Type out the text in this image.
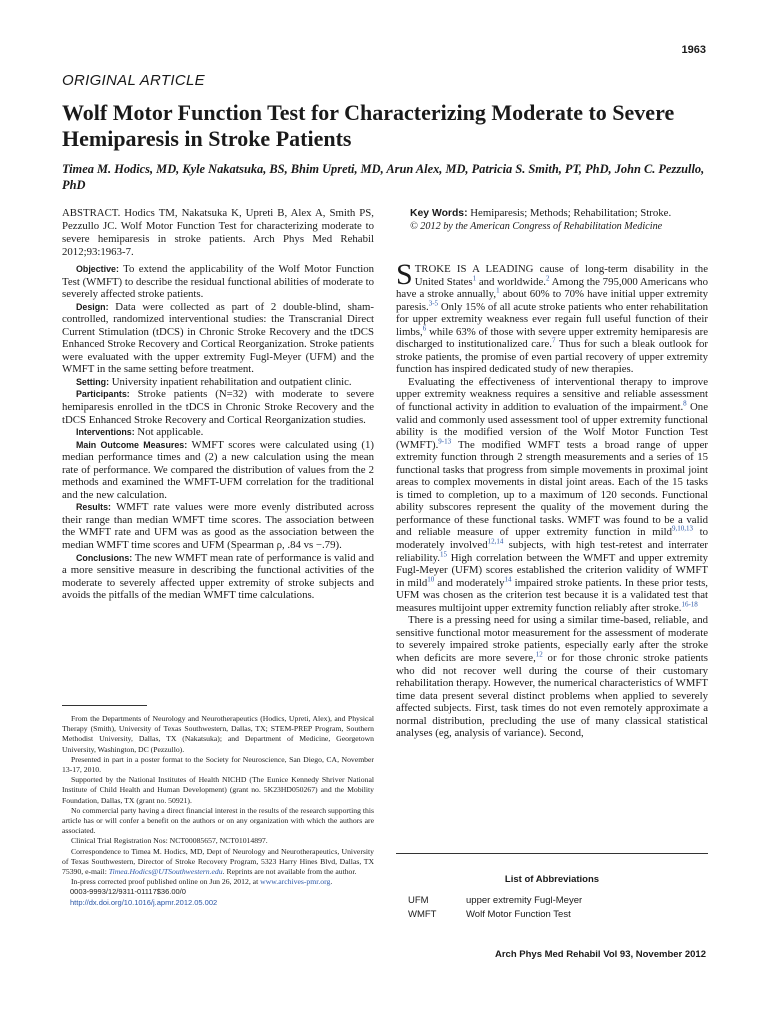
1963
ORIGINAL ARTICLE
Wolf Motor Function Test for Characterizing Moderate to Severe Hemiparesis in Stroke Patients
Timea M. Hodics, MD, Kyle Nakatsuka, BS, Bhim Upreti, MD, Arun Alex, MD, Patricia S. Smith, PT, PhD, John C. Pezzullo, PhD
ABSTRACT. Hodics TM, Nakatsuka K, Upreti B, Alex A, Smith PS, Pezzullo JC. Wolf Motor Function Test for characterizing moderate to severe hemiparesis in stroke patients. Arch Phys Med Rehabil 2012;93:1963-7.
Key Words: Hemiparesis; Methods; Rehabilitation; Stroke.
© 2012 by the American Congress of Rehabilitation Medicine

Objective: To extend the applicability of the Wolf Motor Function Test (WMFT) to describe the residual functional abilities of moderate to severely affected stroke patients.

Design: Data were collected as part of 2 double-blind, sham-controlled, randomized interventional studies: the Transcranial Direct Current Stimulation (tDCS) in Chronic Stroke Recovery and the tDCS Enhanced Stroke Recovery and Cortical Reorganization. Stroke patients were evaluated with the upper extremity Fugl-Meyer (UFM) and the WMFT in the same setting before treatment.

Setting: University inpatient rehabilitation and outpatient clinic.

Participants: Stroke patients (N=32) with moderate to severe hemiparesis enrolled in the tDCS in Chronic Stroke Recovery and the tDCS Enhanced Stroke Recovery and Cortical Reorganization studies.

Interventions: Not applicable.

Main Outcome Measures: WMFT scores were calculated using (1) median performance times and (2) a new calculation using the mean rate of performance. We compared the distribution of values from the 2 methods and examined the WMFT-UFM correlation for the traditional and the new calculation.

Results: WMFT rate values were more evenly distributed across their range than median WMFT time scores. The association between the WMFT rate and UFM was as good as the association between the median WMFT time scores and UFM (Spearman ρ, .84 vs −.79).

Conclusions: The new WMFT mean rate of performance is valid and a more sensitive measure in describing the functional activities of the moderate to severely affected upper extremity of stroke subjects and avoids the pitfalls of the median WMFT time calculations.

From the Departments of Neurology and Neurotherapeutics (Hodics, Upreti, Alex), and Physical Therapy (Smith), University of Texas Southwestern, Dallas, TX; STEM-PREP Program, Southern Methodist University, Dallas, TX (Nakatsuka); and Department of Medicine, Georgetown University, Washington, DC (Pezzullo).

Presented in part in a poster format to the Society for Neuroscience, San Diego, CA, November 13-17, 2010.

Supported by the National Institutes of Health NICHD (The Eunice Kennedy Shriver National Institute of Child Health and Human Development) (grant no. 5K23HD050267) and the Mobility Foundation, Dallas, TX (grant no. 50921).

No commercial party having a direct financial interest in the results of the research supporting this article has or will confer a benefit on the authors or on any organization with which the authors are associated.

Clinical Trial Registration Nos: NCT00085657, NCT01014897.

Correspondence to Timea M. Hodics, MD, Dept of Neurology and Neurotherapeutics, University of Texas Southwestern, Director of Stroke Recovery Program, 5323 Harry Hines Blvd, Dallas, TX 75390, e-mail: Timea.Hodics@UTSouthwestern.edu. Reprints are not available from the author.

In-press corrected proof published online on Jun 26, 2012, at www.archives-pmr.org.

0003-9993/12/9311-01117$36.00/0

http://dx.doi.org/10.1016/j.apmr.2012.05.002

STROKE IS A LEADING cause of long-term disability in the United States$^1$ and worldwide.$^2$ Among the 795,000 Americans who have a stroke annually,$^1$ about 60% to 70% have initial upper extremity paresis.$^{3-5}$ Only 15% of all acute stroke patients who enter rehabilitation for upper extremity weakness ever regain full useful function of their limbs,$^6$ while 63% of those with severe upper extremity hemiparesis are discharged to institutionalized care.$^7$ Thus for such a bleak outlook for stroke patients, the promise of even partial recovery of upper extremity function has inspired dedicated study of new therapies.

Evaluating the effectiveness of interventional therapy to improve upper extremity weakness requires a sensitive and reliable assessment of functional activity in addition to evaluation of the impairment.$^8$ One valid and commonly used assessment tool of upper extremity functional ability is the modified version of the Wolf Motor Function Test (WMFT).$^{9-13}$ The modified WMFT tests a broad range of upper extremity function through 2 strength measurements and a series of 15 functional tasks that progress from simple movements in proximal joint areas to complex movements in distal joint areas. Each of the 15 tasks is timed to completion, up to a maximum of 120 seconds. Functional ability subscores represent the quality of the movement during the performance of these functional tasks. WMFT was found to be a valid and reliable measure of upper extremity function in mild$^{9,10,13}$ to moderately involved$^{12,14}$ subjects, with high test-retest and interrater reliability.$^{15}$ High correlation between the WMFT and upper extremity Fugl-Meyer (UFM) scores established the criterion validity of WMFT in mild$^{10}$ and moderately$^{14}$ impaired stroke patients. In these prior tests, UFM was chosen as the criterion test because it is a validated test that measures multijoint upper extremity function reliably after stroke.$^{16-18}$

There is a pressing need for using a similar time-based, reliable, and sensitive functional motor measurement for the assessment of moderate to severely impaired stroke patients, especially early after the stroke when deficits are more severe,$^{12}$ or for those chronic stroke patients who did not recover well during the course of their customary rehabilitation therapy. However, the numerical characteristics of WMFT time data present several distinct problems when applied to severely affected subjects. First, task times do not even remotely approximate a normal distribution, precluding the use of many classical statistical analyses (eg, analysis of variance). Second,

List of Abbreviations
UFM	upper extremity Fugl-Meyer
WMFT	Wolf Motor Function Test
Arch Phys Med Rehabil Vol 93, November 2012
